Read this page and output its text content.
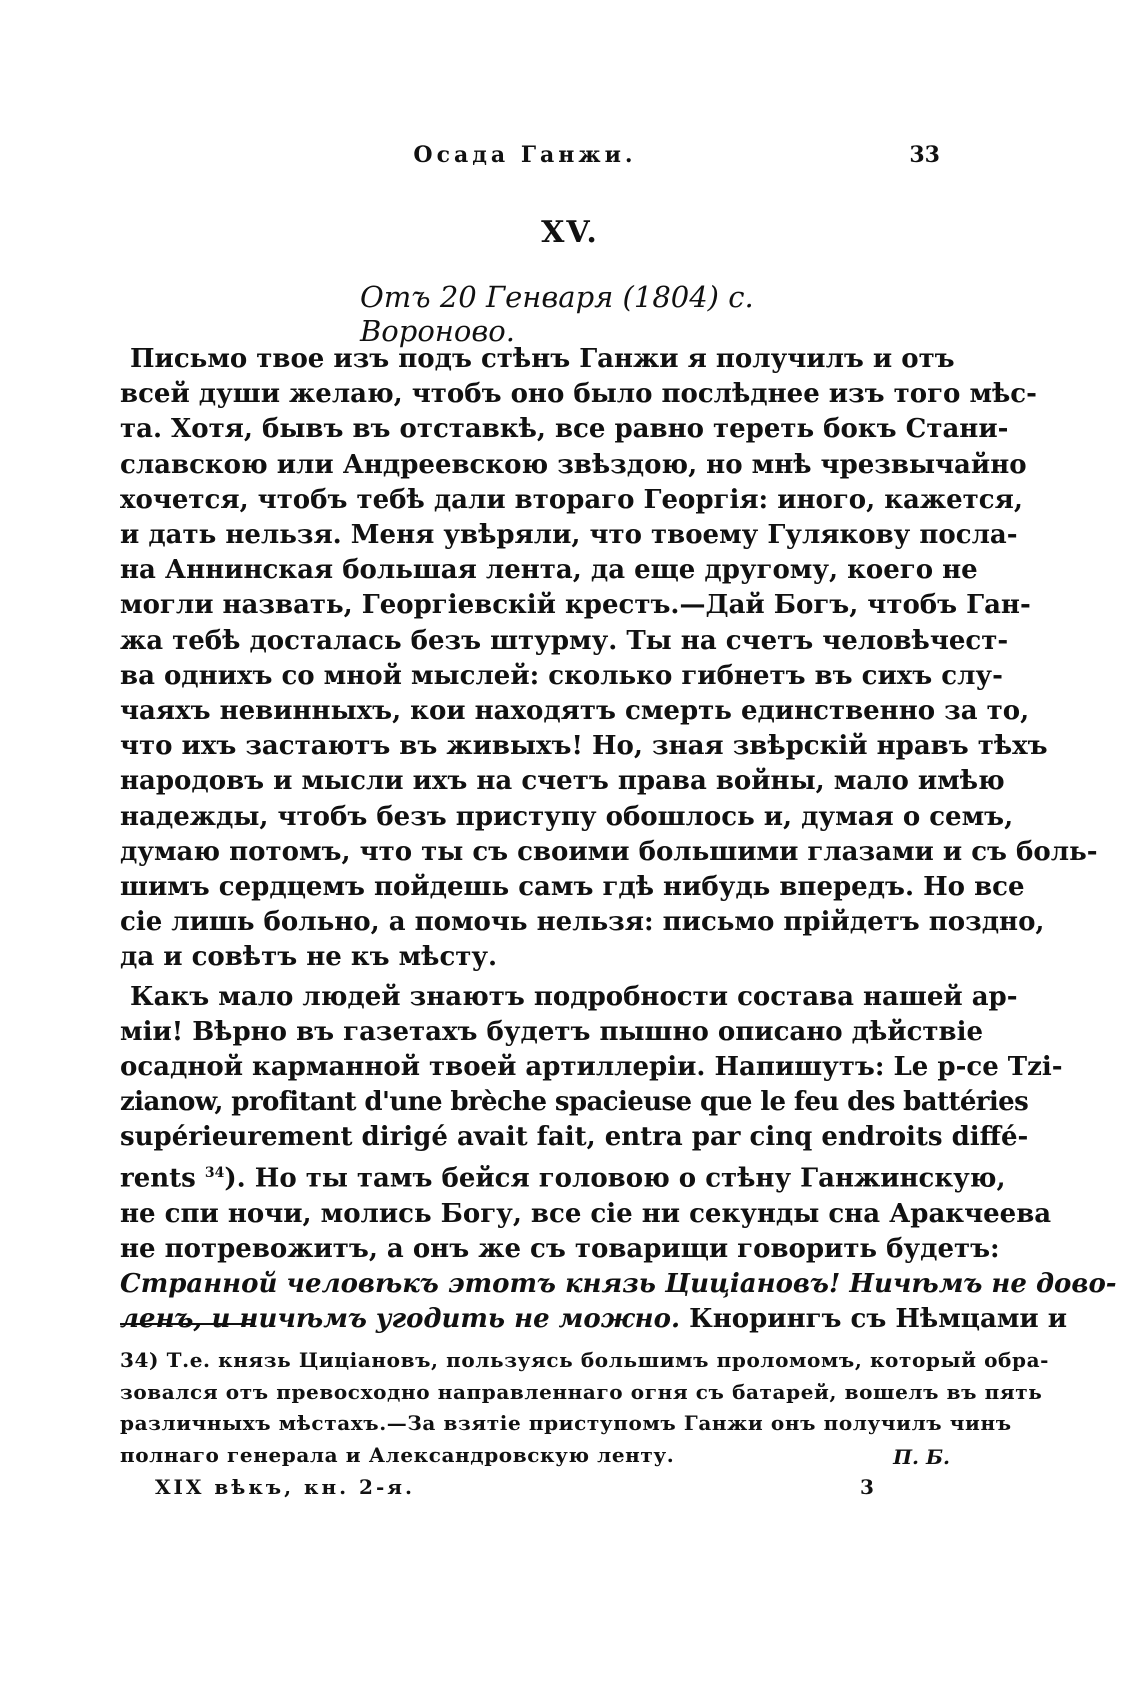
Осада Ганжи.	33
XV.
Отъ 20 Генваря (1804) с. Вороново.

Письмо твое изъ подъ стѣнъ Ганжи я получилъ и отъ
всей души желаю, чтобъ оно было послѣднее изъ того мѣс-
та. Хотя, бывъ въ отставкѣ, все равно тереть бокъ Стани-
славскою или Андреевскою звѣздою, но мнѣ чрезвычайно
хочется, чтобъ тебѣ дали втораго Георгія: иного, кажется,
и дать нельзя. Меня увѣряли, что твоему Гулякову посла-
на Аннинская большая лента, да еще другому, коего не
могли назвать, Георгіевскій крестъ.—Дай Богъ, чтобъ Ган-
жа тебѣ досталась безъ штурму. Ты на счетъ человѣчест-
ва однихъ со мной мыслей: сколько гибнетъ въ сихъ слу-
чаяхъ невинныхъ, кои находятъ смерть единственно за то,
что ихъ застаютъ въ живыхъ! Но, зная звѣрскій нравъ тѣхъ
народовъ и мысли ихъ на счетъ права войны, мало имѣю
надежды, чтобъ безъ приступу обошлось и, думая о семъ,
думаю потомъ, что ты съ своими большими глазами и съ боль-
шимъ сердцемъ пойдешь самъ гдѣ нибудь впередъ. Но все
сіе лишь больно, а помочь нельзя: письмо прійдетъ поздно,
да и совѣтъ не къ мѣсту.

Какъ мало людей знаютъ подробности состава нашей ар-
міи! Вѣрно въ газетахъ будетъ пышно описано дѣйствіе
осадной карманной твоей артиллеріи. Напишутъ: Le p-ce Tzi-
zianow, profitant d'une brèche spacieuse que le feu des battéries
supérieurement dirigé avait fait, entra par cinq endroits diffé-
rents $^{34}$). Но ты тамъ бейся головою о стѣну Ганжинскую,
не спи ночи, молись Богу, все сіе ни секунды сна Аракчеева
не потревожитъ, а онъ же съ товарищи говорить будетъ:
Странной человѣкъ этотъ князь Цицiановъ! Ничѣмъ не дово-
ленъ, и ничѣмъ угодить не можно. Кнорингъ съ Нѣмцами и

34) Т.е. князь Цицiановъ, пользуясь большимъ проломомъ, который обра-
зовался отъ превосходно направленнаго огня съ батарей, вошелъ въ пять
различныхъ мѣстахъ.—За взятіе приступомъ Ганжи онъ получилъ чинъ
полнаго генерала и Александровскую ленту.	П. Б.
XIX вѣкъ, кн. 2-я.	3
